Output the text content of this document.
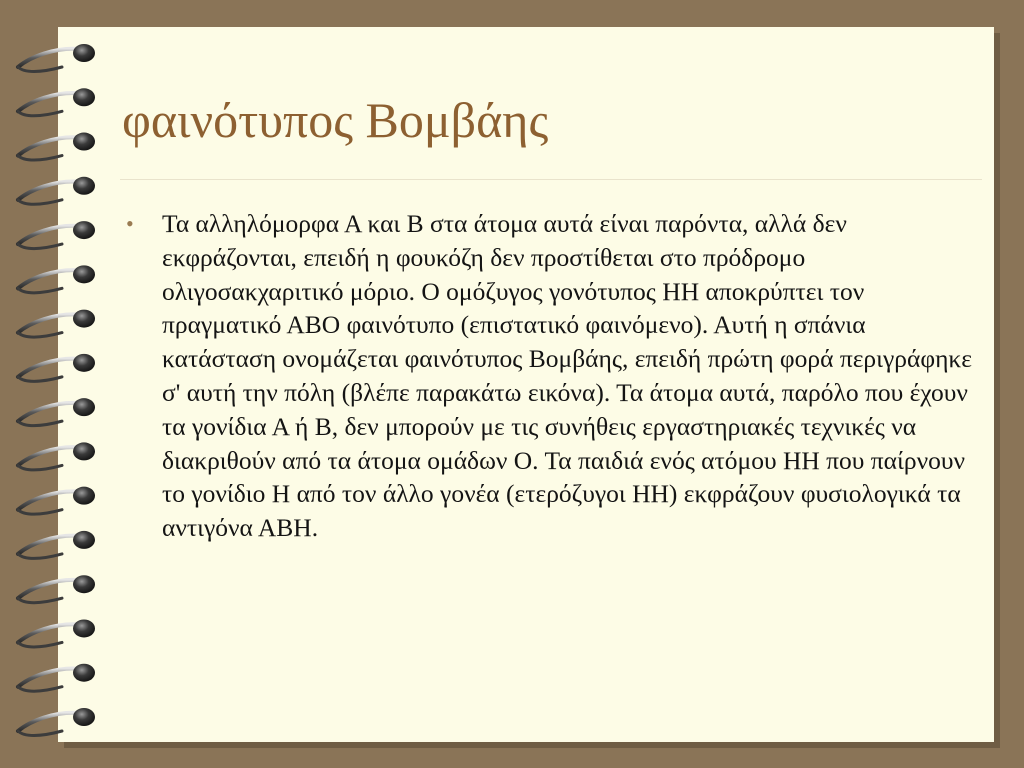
φαινότυπος Βομβάης
• Τα αλληλόμορφα Α και Β στα άτομα αυτά είναι παρόντα, αλλά δεν εκφράζονται, επειδή η φουκόζη δεν προστίθεται στο πρόδρομο ολιγοσακχαριτικό μόριο. Ο ομόζυγος γονότυπος ΗΗ αποκρύπτει τον πραγματικό ΑΒΟ φαινότυπο (επιστατικό φαινόμενο). Αυτή η σπάνια κατάσταση ονομάζεται φαινότυπος Βομβάης, επειδή πρώτη φορά περιγράφηκε σ' αυτή την πόλη (βλέπε παρακάτω εικόνα). Τα άτομα αυτά, παρόλο που έχουν τα γονίδια Α ή Β, δεν μπορούν με τις συνήθεις εργαστηριακές τεχνικές να διακριθούν από τα άτομα ομάδων Ο. Τα παιδιά ενός ατόμου ΗΗ που παίρνουν το γονίδιο Η από τον άλλο γονέα (ετερόζυγοι ΗΗ) εκφράζουν φυσιολογικά τα αντιγόνα ΑΒΗ.
